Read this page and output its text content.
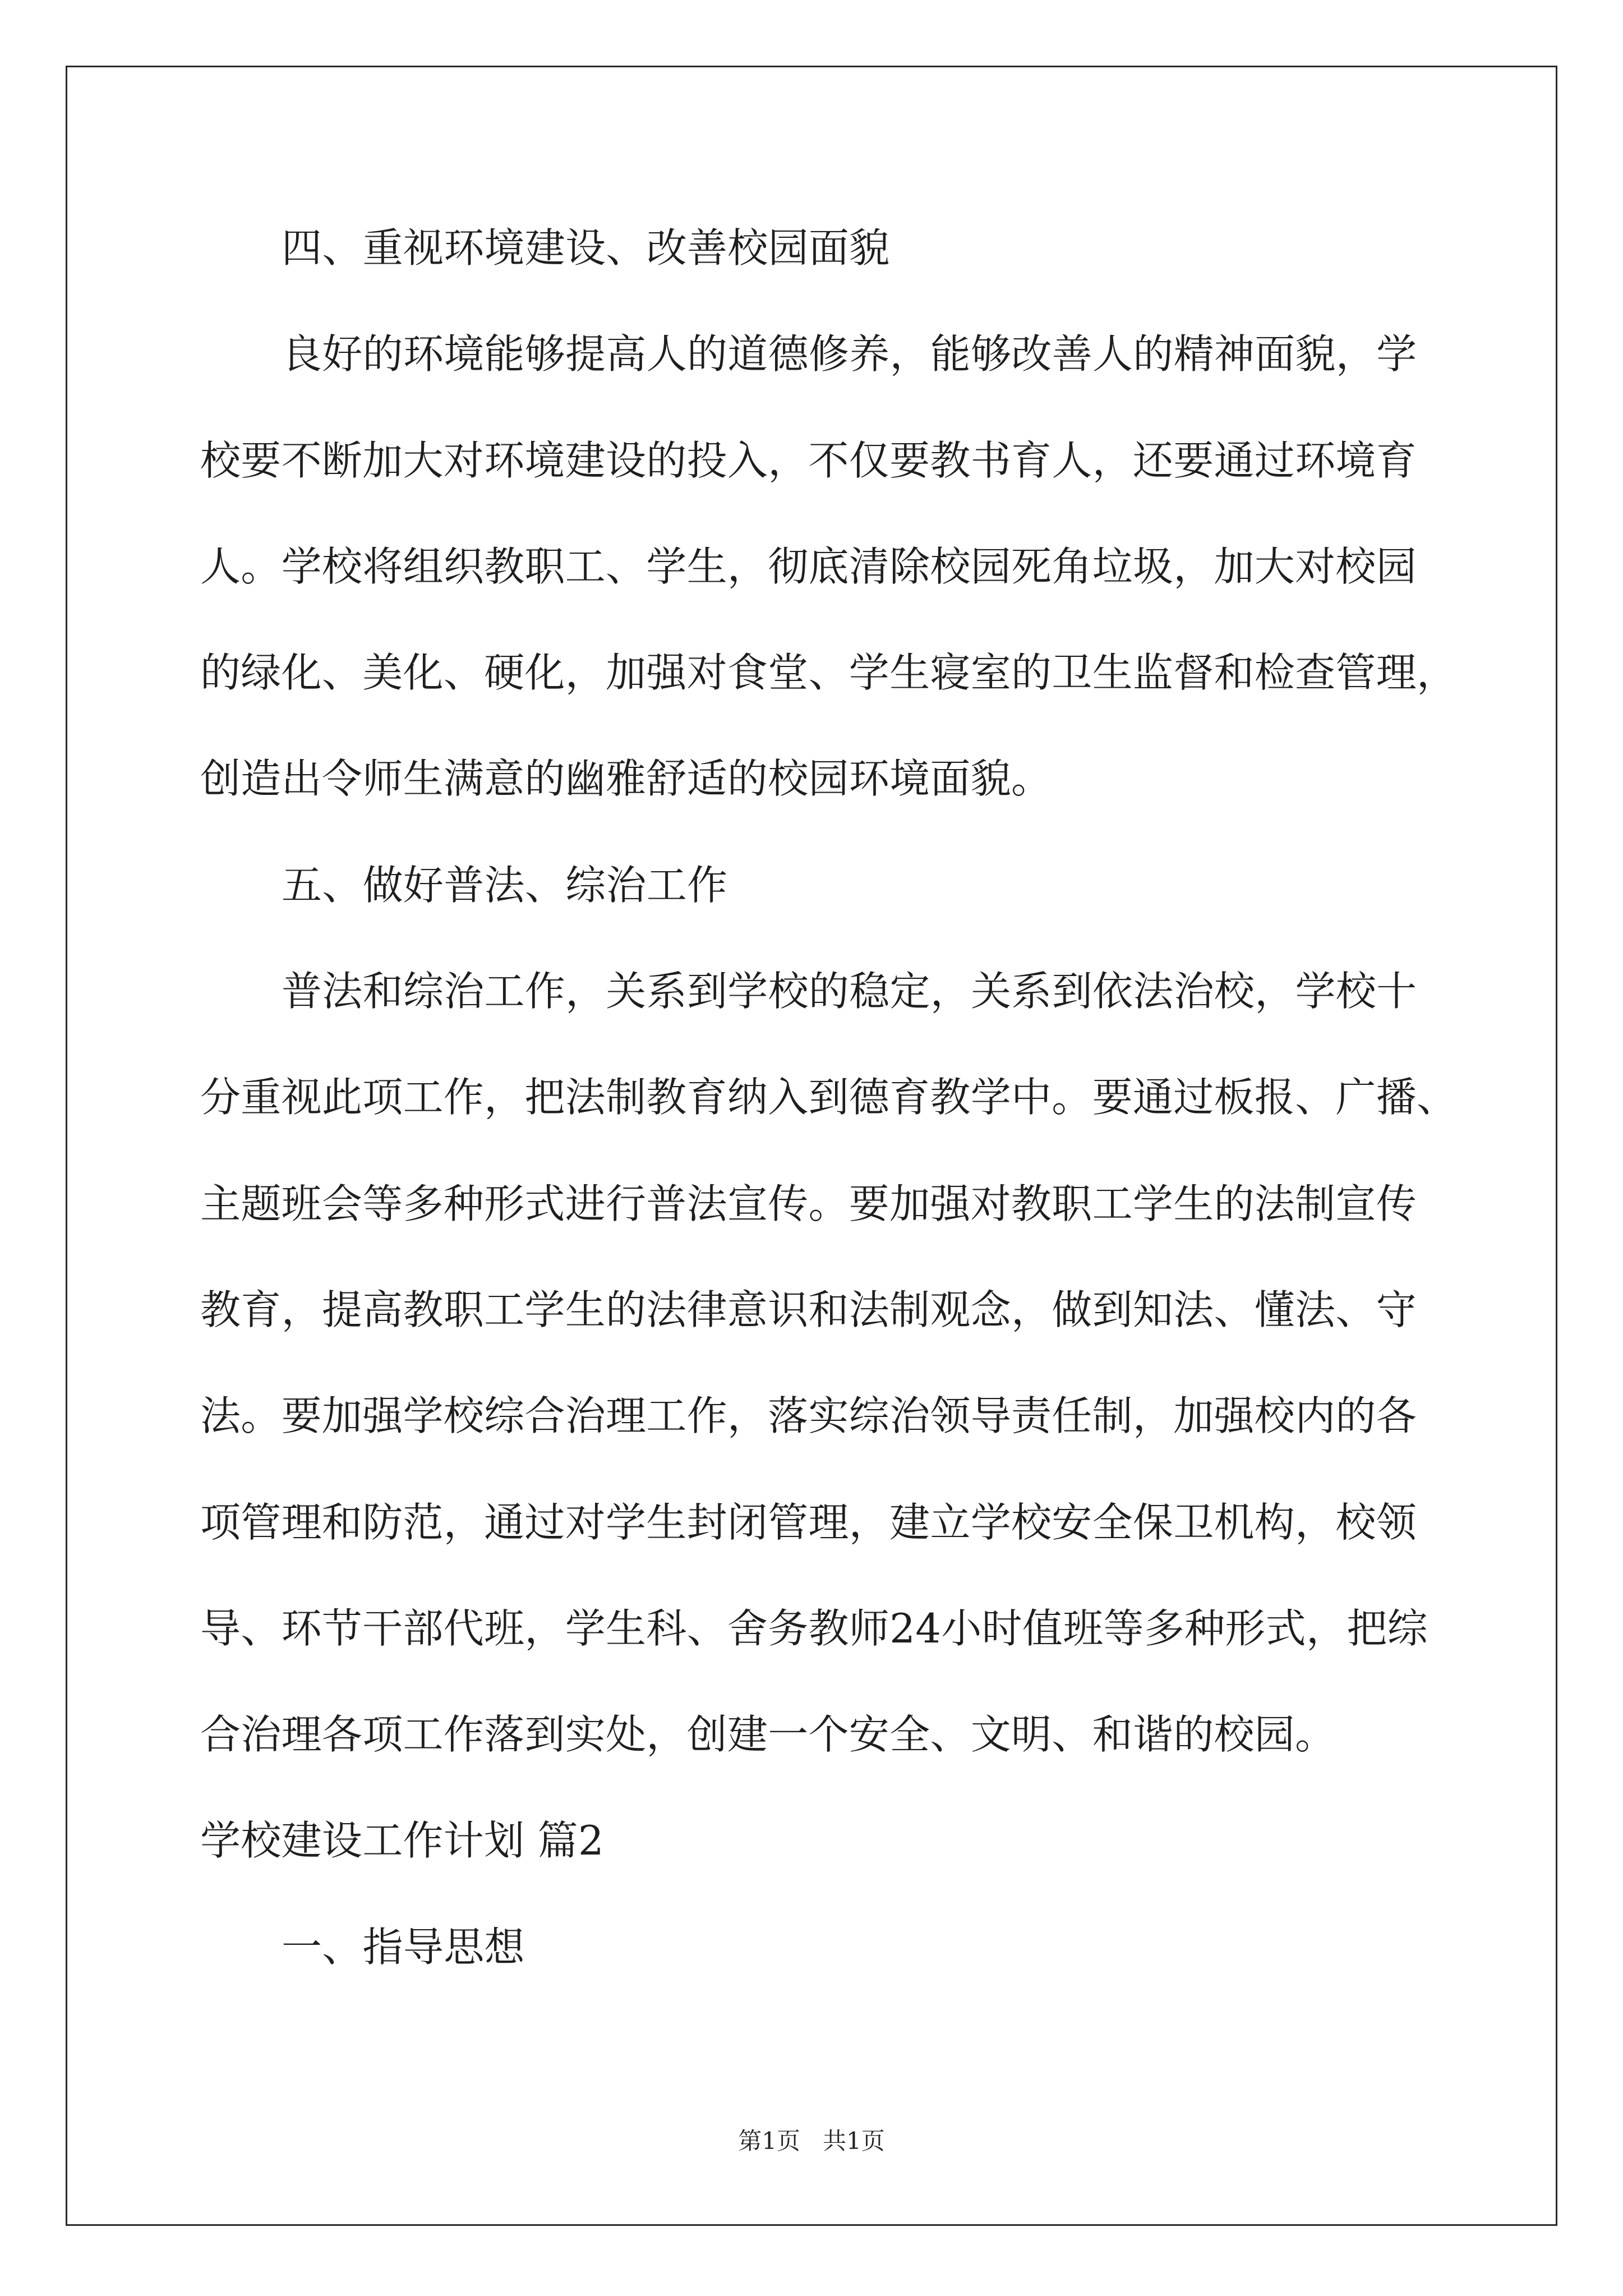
四、重视环境建设、改善校园面貌
良好的环境能够提高人的道德修养，能够改善人的精神面貌，学
校要不断加大对环境建设的投入，不仅要教书育人，还要通过环境育
人。学校将组织教职工、学生，彻底清除校园死角垃圾，加大对校园
的绿化、美化、硬化，加强对食堂、学生寝室的卫生监督和检查管理，
创造出令师生满意的幽雅舒适的校园环境面貌。
五、做好普法、综治工作
普法和综治工作，关系到学校的稳定，关系到依法治校，学校十
分重视此项工作，把法制教育纳入到德育教学中。要通过板报、广播、
主题班会等多种形式进行普法宣传。要加强对教职工学生的法制宣传
教育，提高教职工学生的法律意识和法制观念，做到知法、懂法、守
法。要加强学校综合治理工作，落实综治领导责任制，加强校内的各
项管理和防范，通过对学生封闭管理，建立学校安全保卫机构，校领
导、环节干部代班，学生科、舍务教师24小时值班等多种形式，把综
合治理各项工作落到实处，创建一个安全、文明、和谐的校园。
学校建设工作计划 篇2
一、指导思想
第1页   共1页
